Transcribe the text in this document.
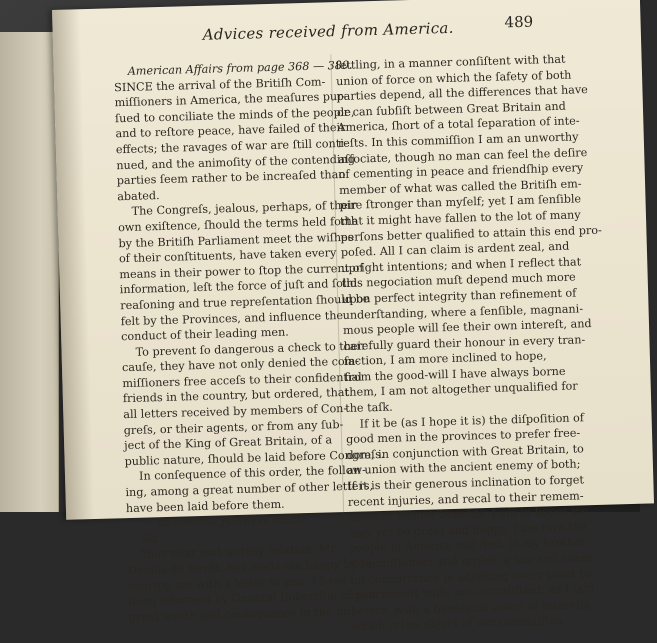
Advices received from America.	489
American Affairs from page 368 — 380.
SINCE the arrival of the Britiſh Com-
miſſioners in America, the meaſures pur-
ſued to conciliate the minds of the people,
and to reſtore peace, have failed of their
effects; the ravages of war are ſtill conti-
nued, and the animoſity of the contending
parties ſeem rather to be increaſed than
abated.
The Congreſs, jealous, perhaps, of their
own exiſtence, ſhould the terms held forth
by the Britiſh Parliament meet the wiſhes
of their conſtituents, have taken every
means in their power to ſtop the current of
information, leſt the force of juſt and ſolid
reaſoning and true repreſentation ſhould be
felt by the Provinces, and influence the
conduct of their leading men.
To prevent ſo dangerous a check to their
cauſe, they have not only denied the com-
miſſioners free acceſs to their confidential
friends in the country, but ordered, that
all letters received by members of Con-
greſs, or their agents, or from any ſub-
ject of the King of Great Britain, of a
public nature, ſhould be laid before Congreſs.
In conſequence of this order, the follow-
ing, among a great number of other letters,
have been laid before them.
To General JOSEPH REED.
Sir,
Your near and worthy relation, Mr.
Dennis de Berdt, has made me happy by fa-
vouring me with a letter to you. I have
been informed by General Robertſon of your
great worth and conſequence in the un-
ſettling, in a manner conſiſtent with that
union of force on which the ſafety of both
parties depend, all the differences that have
or can ſubſiſt between Great Britain and
America, ſhort of a total ſeparation of inte-
reſts. In this commiſſion I am an unworthy
aſſociate, though no man can feel the deſire
of cementing in peace and friendſhip every
member of what was called the Britiſh em-
pire ſtronger than myſelf; yet I am ſenſible
that it might have fallen to the lot of many
perſons better qualified to attain this end pro-
poſed. All I can claim is ardent zeal, and
upright intentions; and when I reflect that
this negociation muſt depend much more
upon perfect integrity than refinement of
underſtanding, where a ſenſible, magnani-
mous people will ſee their own intereſt, and
carefully guard their honour in every tran-
ſaction, I am more inclined to hope,
from the good-will I have always borne
them, I am not altogether unqualified for
the taſk.
If it be (as I hope it is) the diſpoſition of
good men in the provinces to prefer free-
dom, in conjunction with Great Britain, to
an union with the ancient enemy of both;
If it is their generous inclination to forget
recent injuries, and recal to their remem-
brances former benefits, I am in hopes we
may yet be great and happy. I am ſure the
people in America will find, in my brother
Commiſſioners and myſelf, a fair and cheer-
ful concurrence in adjuſting every point to
their utmoſt wiſh, not inconſiſtent, as I ſaid
before, with a beneficial union of intereſts,
which is the object of our commiſſion.
